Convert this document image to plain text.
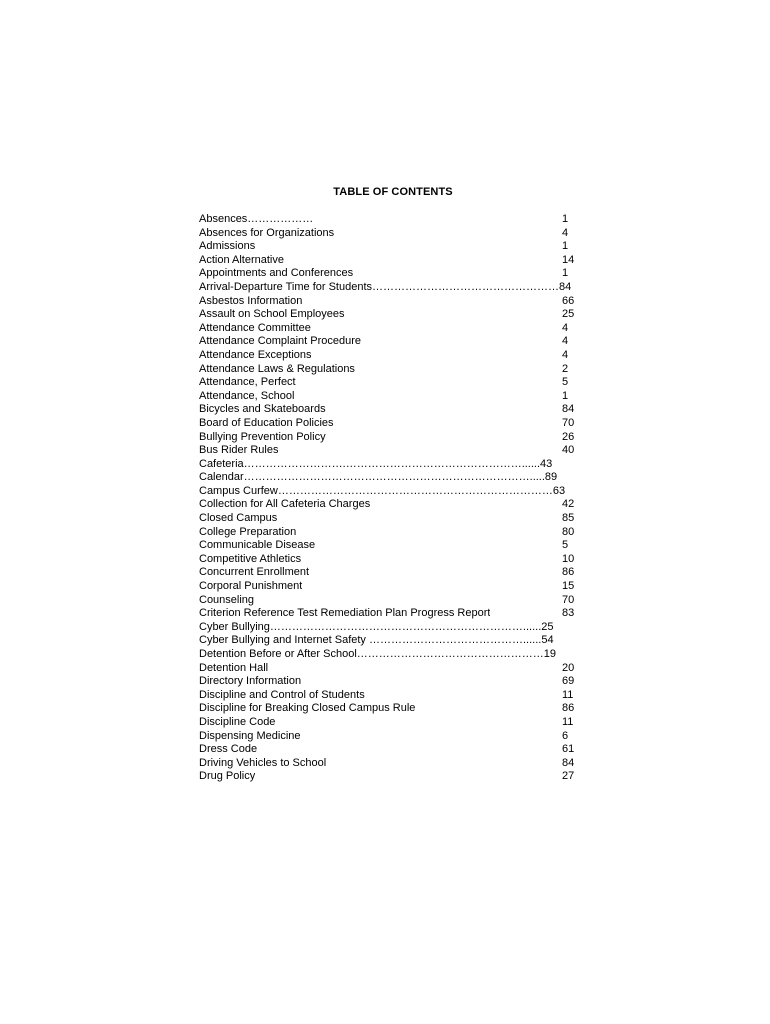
TABLE OF CONTENTS
Absences………………	1
Absences for Organizations	4
Admissions	1
Action Alternative	14
Appointments and Conferences	1
Arrival-Departure Time for Students……………………………………………84
Asbestos Information	66
Assault on School Employees	25
Attendance Committee	4
Attendance Complaint Procedure	4
Attendance Exceptions	4
Attendance Laws & Regulations	2
Attendance, Perfect	5
Attendance, School	1
Bicycles and Skateboards	84
Board of Education Policies	70
Bullying Prevention Policy	26
Bus Rider Rules	40
Cafeteria……………………….…………………………………………......43
Calendar…………………………………………………………………….....89
Campus Curfew…………………………………………………………………63
Collection for All Cafeteria Charges	42
Closed Campus	85
College Preparation	80
Communicable Disease	5
Competitive Athletics	10
Concurrent Enrollment	86
Corporal Punishment	15
Counseling	70
Criterion Reference Test Remediation Plan Progress Report	83
Cyber Bullying……………………………………………………………......25
Cyber Bullying and Internet Safety ……………………………………......54
Detention Before or After School……………………………………………19
Detention Hall	20
Directory Information	69
Discipline and Control of Students	11
Discipline for Breaking Closed Campus Rule	86
Discipline Code	11
Dispensing Medicine	6
Dress Code	61
Driving Vehicles to School	84
Drug Policy	27
